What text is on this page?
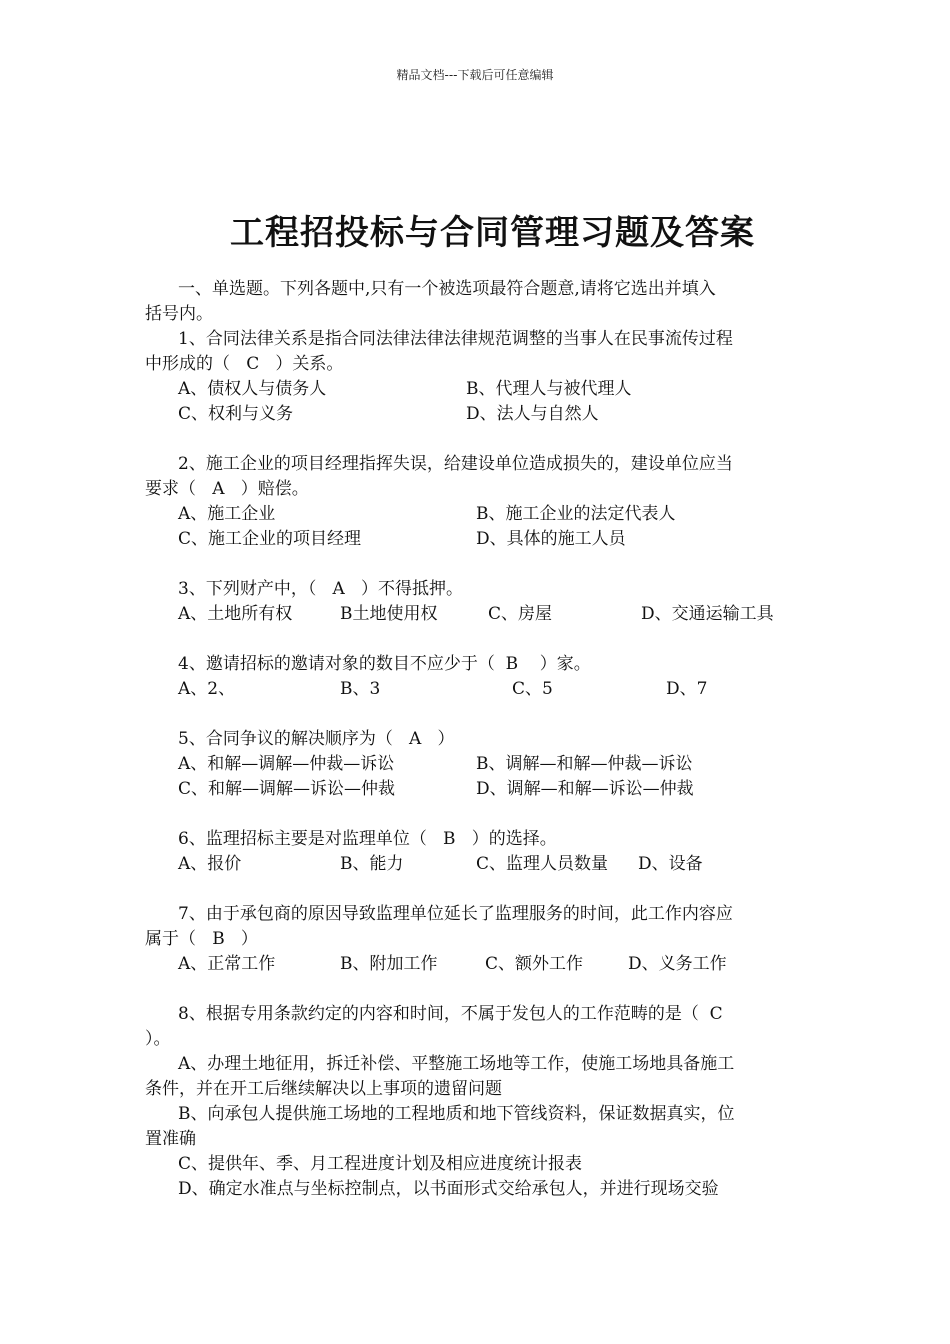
精品文档---下载后可任意编辑
工程招投标与合同管理习题及答案
一、单选题。下列各题中,只有一个被选项最符合题意,请将它选出并填入
括号内。
1、合同法律关系是指合同法律法律法律规范调整的当事人在民事流传过程
中形成的（   C   ）关系。
A、债权人与债务人	B、代理人与被代理人
C、权利与义务	D、法人与自然人
2、施工企业的项目经理指挥失误，给建设单位造成损失的，建设单位应当
要求（   A   ）赔偿。
A、施工企业	B、施工企业的法定代表人
C、施工企业的项目经理	D、具体的施工人员
3、下列财产中，（   A   ）不得抵押。
A、土地所有权	B土地使用权	C、房屋	D、交通运输工具
4、邀请招标的邀请对象的数目不应少于（  B    ）家。
A、2、	B、3	C、5	D、7
5、合同争议的解决顺序为（   A   ）
A、和解—调解—仲裁—诉讼	B、调解—和解—仲裁—诉讼
C、和解—调解—诉讼—仲裁	D、调解—和解—诉讼—仲裁
6、监理招标主要是对监理单位（   B   ）的选择。
A、报价	B、能力	C、监理人员数量 D、设备
7、由于承包商的原因导致监理单位延长了监理服务的时间，此工作内容应
属于（   B   ）
A、正常工作	B、附加工作	C、额外工作	D、义务工作
8、根据专用条款约定的内容和时间，不属于发包人的工作范畴的是（  C
）。
A、办理土地征用，拆迁补偿、平整施工场地等工作，使施工场地具备施工
条件，并在开工后继续解决以上事项的遗留问题
B、向承包人提供施工场地的工程地质和地下管线资料，保证数据真实，位
置准确
C、提供年、季、月工程进度计划及相应进度统计报表
D、确定水准点与坐标控制点，以书面形式交给承包人，并进行现场交验
